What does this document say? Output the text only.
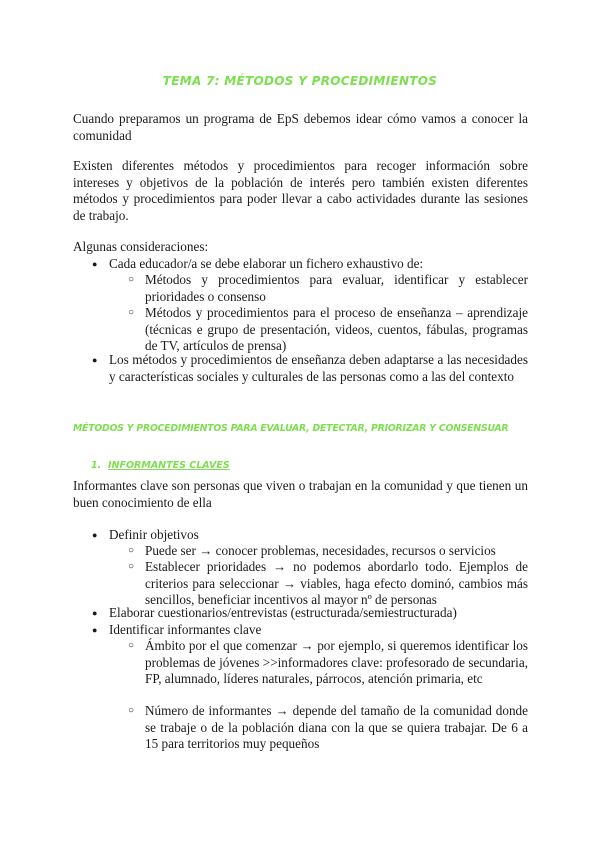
TEMA 7: MÉTODOS Y PROCEDIMIENTOS

Cuando preparamos un programa de EpS debemos idear cómo vamos a conocer la comunidad

Existen diferentes métodos y procedimientos para recoger información sobre intereses y objetivos de la población de interés pero también existen diferentes métodos y procedimientos para poder llevar a cabo actividades durante las sesiones de trabajo.

Algunas consideraciones:

● Cada educador/a se debe elaborar un fichero exhaustivo de:
○ Métodos y procedimientos para evaluar, identificar y establecer prioridades o consenso
○ Métodos y procedimientos para el proceso de enseñanza – aprendizaje (técnicas e grupo de presentación, videos, cuentos, fábulas, programas de TV, artículos de prensa)
● Los métodos y procedimientos de enseñanza deben adaptarse a las necesidades y características sociales y culturales de las personas como a las del contexto
MÉTODOS Y PROCEDIMIENTOS PARA EVALUAR, DETECTAR, PRIORIZAR Y CONSENSUAR
1. INFORMANTES CLAVES

Informantes clave son personas que viven o trabajan en la comunidad y que tienen un buen conocimiento de ella

● Definir objetivos
○ Puede ser → conocer problemas, necesidades, recursos o servicios
○ Establecer prioridades → no podemos abordarlo todo. Ejemplos de criterios para seleccionar → viables, haga efecto dominó, cambios más sencillos, beneficiar incentivos al mayor nº de personas
● Elaborar cuestionarios/entrevistas (estructurada/semiestructurada)
● Identificar informantes clave
○ Ámbito por el que comenzar → por ejemplo, si queremos identificar los problemas de jóvenes >>informadores clave: profesorado de secundaria, FP, alumnado, líderes naturales, párrocos, atención primaria, etc
○ Número de informantes → depende del tamaño de la comunidad donde se trabaje o de la población diana con la que se quiera trabajar. De 6 a 15 para territorios muy pequeños
